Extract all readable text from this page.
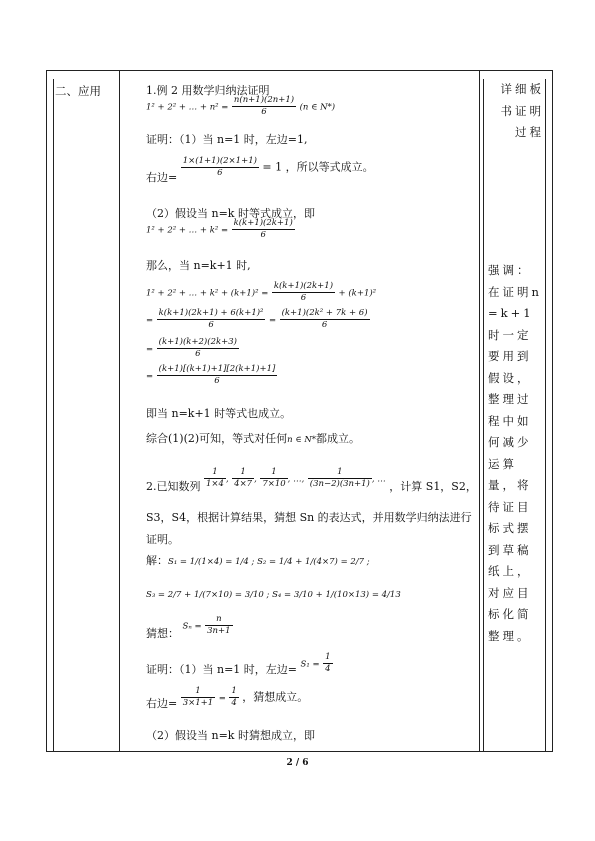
二、应用	详细板书证明过程
强调：在证明n=k+1时一定要用到假设，整理过程中如何减少运算量，将待证目标式摆到草稿纸上，对应目标化简整理。
1.例 2 用数学归纳法证明
1² + 2² + … + $n^2 = \frac{n(n+1)(2n+1)}{6} (n$ ∈ N*)
证明：（1）当 n=1 时，左边=1,
右边= $\frac{1\times(1+1)(2\times 1+1)}{6} = 1$ ，所以等式成立。
（2）假设当 n=k 时等式成立，即
1² + 2² + … + $k^2 = \frac{k(k+1)(2k+1)}{6}$
那么，当 n=k+1 时,
1² + 2² + … + $k^2 + (k+1)^2 = \frac{k(k+1)(2k+1)}{6} + (k+1)^2$
= $\frac{\text{k(k+1)(2k+1) + 6(k+1)²}}{6} = \frac{\text{(k+1)(2k² + 7k + 6)}}{6}$
= $\frac{(k+1)(k+2)(2k+3)}{6}$
= $\frac{(k+1)[(k+1)+1][2(k+1)+1]}{6}$
即当 n=k+1 时等式也成立。
综合(1)(2)可知，等式对任何n ∈ N*都成立。
2.已知数列 $\frac{1}{1\times 4}$ , $\frac{1}{4\times 7}$ , $\frac{1}{7\times 10}$ , …, $\frac{1}{(3n-2)(3n+1)}$ , … ，计算 S1，S2，
S3，S4，根据计算结果，猜想 Sn 的表达式，并用数学归纳法进行
证明。
解：S₁ = 1/(1×4) = 1/4 ; S₂ = 1/4 + 1/(4×7) = 2/7 ;
S₃ = 2/7 + 1/(7×10) = 3/10 ; S₄ = 3/10 + 1/(10×13) = 4/13
猜想： $S_n = \frac{n}{3n+1}$
证明：（1）当 n=1 时，左边= $S_1 = \frac{1}{4}$
右边= $\frac{1}{3\times 1+1} = \frac{1}{4}$ ，猜想成立。
（2）假设当 n=k 时猜想成立，即
2 / 6
